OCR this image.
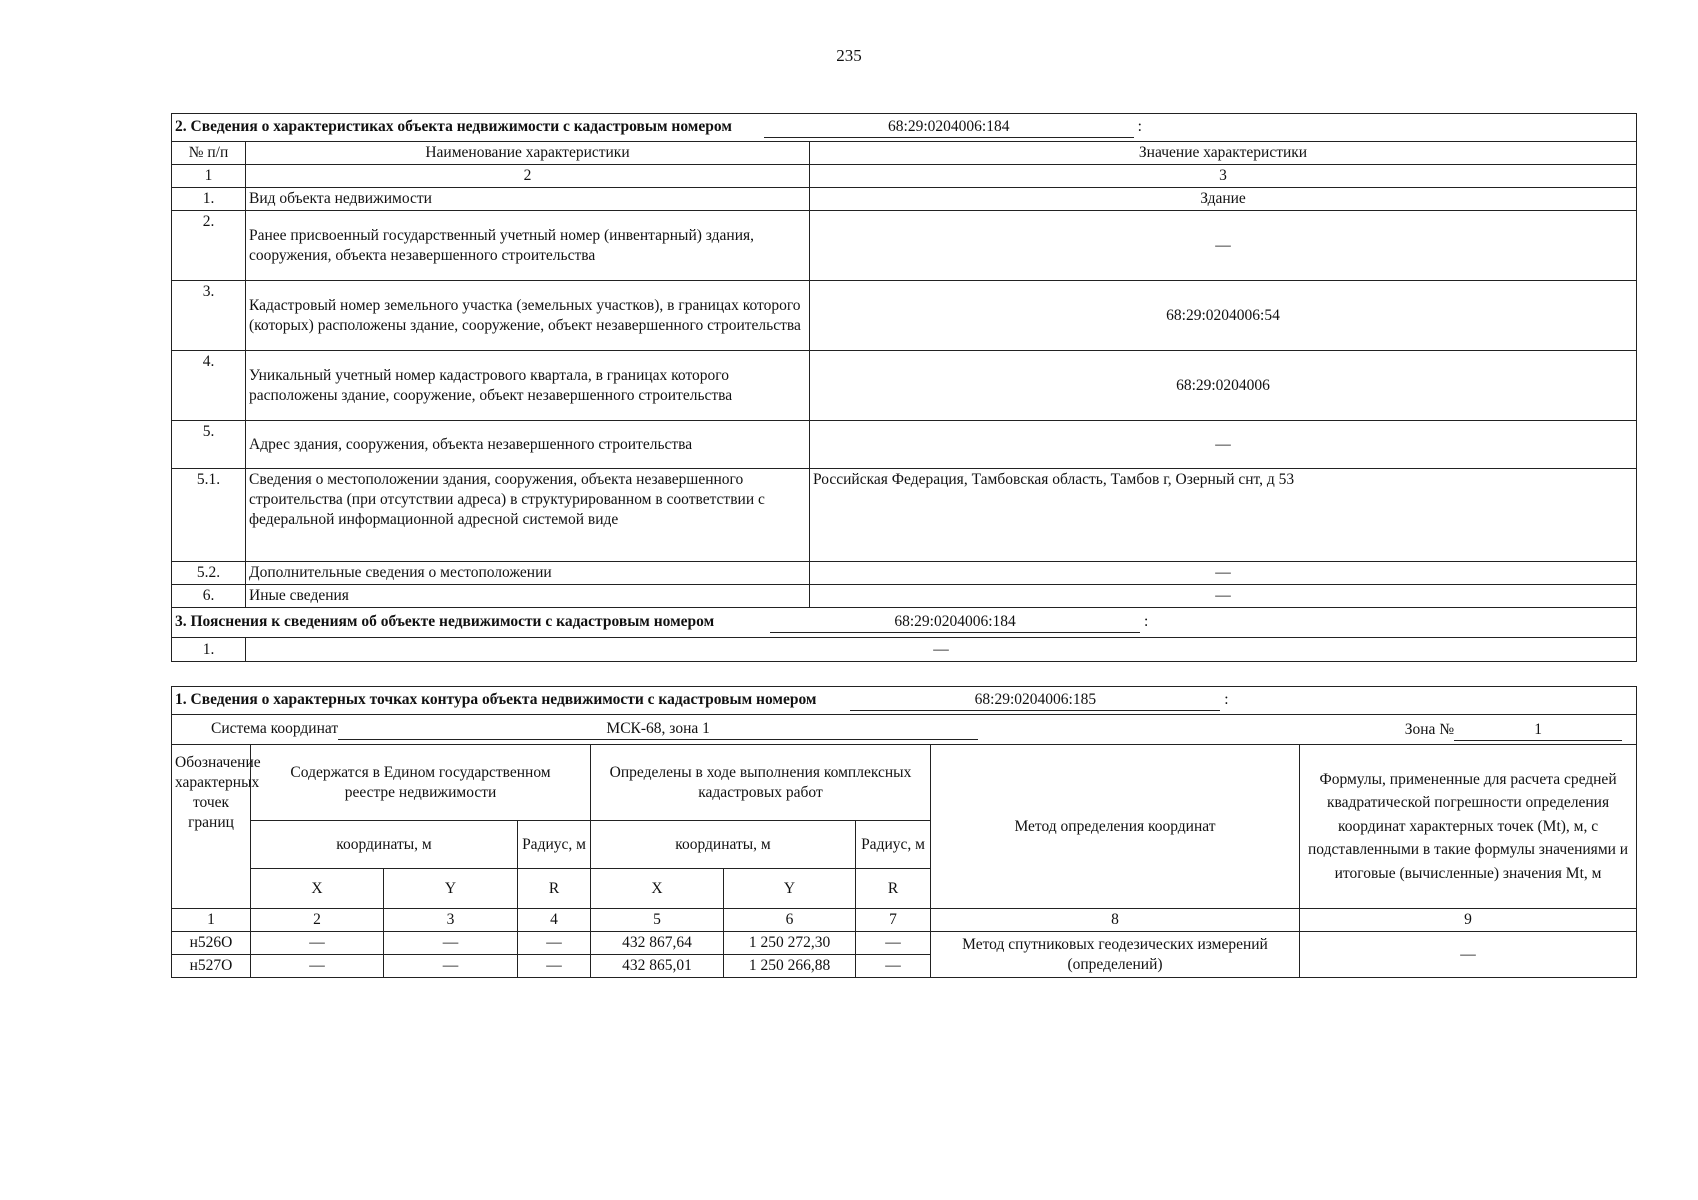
235
2. Сведения о характеристиках объекта недвижимости с кадастровым номером 68:29:0204006:184 :		
№ п/п	Наименование характеристики	Значение характеристики
1	2	3
1.	Вид объекта недвижимости	Здание
2.	Ранее присвоенный государственный учетный номер (инвентарный) здания, сооружения, объекта незавершенного строительства	—
3.	Кадастровый номер земельного участка (земельных участков), в границах которого (которых) расположены здание, сооружение, объект незавершенного строительства	68:29:0204006:54
4.	Уникальный учетный номер кадастрового квартала, в границах которого расположены здание, сооружение, объект незавершенного строительства	68:29:0204006
5.	Адрес здания, сооружения, объекта незавершенного строительства	—
5.1.	Сведения о местоположении здания, сооружения, объекта незавершенного строительства (при отсутствии адреса) в структурированном в соответствии с федеральной информационной адресной системой виде	Российская Федерация, Тамбовская область, Тамбов г, Озерный снт, д 53
5.2.	Дополнительные сведения о местоположении	—
6.	Иные сведения	—
3. Пояснения к сведениям об объекте недвижимости с кадастровым номером 68:29:0204006:184 :		
1.	—	
1. Сведения о характерных точках контура объекта недвижимости с кадастровым номером 68:29:0204006:185 :								
Система координат МСК-68, зона 1 Зона № 1								

Обозначение характерных точек границ	Содержатся в Едином государственном реестре недвижимости			Определены в ходе выполнения комплексных кадастровых работ			Метод определения координат	Формулы, примененные для расчета средней квадратической погрешности определения координат характерных точек (Mt), м, с подставленными в такие формулы значениями и итоговые (вычисленные) значения Mt, м
	координаты, м		Радиус, м	координаты, м		Радиус, м		
	X	Y	R	X	Y	R		
1	2	3	4	5	6	7	8	9
н526О	—	—	—	432 867,64	1 250 272,30	—	Метод спутниковых геодезических измерений (определений)	—
н527О	—	—	—	432 865,01	1 250 266,88	—		
